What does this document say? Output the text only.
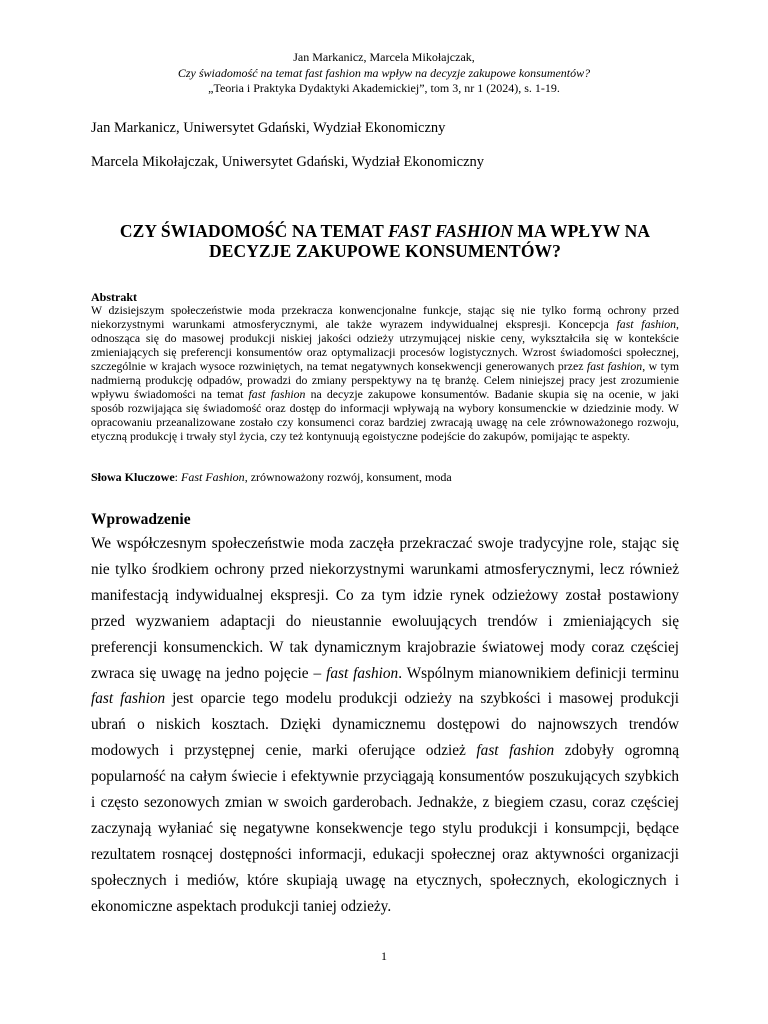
Jan Markanicz, Marcela Mikołajczak,
Czy świadomość na temat fast fashion ma wpływ na decyzje zakupowe konsumentów?
„Teoria i Praktyka Dydaktyki Akademickiej”, tom 3, nr 1 (2024), s. 1-19.
Jan Markanicz, Uniwersytet Gdański, Wydział Ekonomiczny
Marcela Mikołajczak, Uniwersytet Gdański, Wydział Ekonomiczny
CZY ŚWIADOMOŚĆ NA TEMAT FAST FASHION MA WPŁYW NA DECYZJE ZAKUPOWE KONSUMENTÓW?
Abstrakt
W dzisiejszym społeczeństwie moda przekracza konwencjonalne funkcje, stając się nie tylko formą ochrony przed niekorzystnymi warunkami atmosferycznymi, ale także wyrazem indywidualnej ekspresji. Koncepcja fast fashion, odnosząca się do masowej produkcji niskiej jakości odzieży utrzymującej niskie ceny, wykształciła się w kontekście zmieniających się preferencji konsumentów oraz optymalizacji procesów logistycznych. Wzrost świadomości społecznej, szczególnie w krajach wysoce rozwiniętych, na temat negatywnych konsekwencji generowanych przez fast fashion, w tym nadmierną produkcję odpadów, prowadzi do zmiany perspektywy na tę branżę. Celem niniejszej pracy jest zrozumienie wpływu świadomości na temat fast fashion na decyzje zakupowe konsumentów. Badanie skupia się na ocenie, w jaki sposób rozwijająca się świadomość oraz dostęp do informacji wpływają na wybory konsumenckie w dziedzinie mody. W opracowaniu przeanalizowane zostało czy konsumenci coraz bardziej zwracają uwagę na cele zrównoważonego rozwoju, etyczną produkcję i trwały styl życia, czy też kontynuują egoistyczne podejście do zakupów, pomijając te aspekty.
Słowa Kluczowe: Fast Fashion, zrównoważony rozwój, konsument, moda
Wprowadzenie
We współczesnym społeczeństwie moda zaczęła przekraczać swoje tradycyjne role, stając się nie tylko środkiem ochrony przed niekorzystnymi warunkami atmosferycznymi, lecz również manifestacją indywidualnej ekspresji. Co za tym idzie rynek odzieżowy został postawiony przed wyzwaniem adaptacji do nieustannie ewoluujących trendów i zmieniających się preferencji konsumenckich. W tak dynamicznym krajobrazie światowej mody coraz częściej zwraca się uwagę na jedno pojęcie – fast fashion. Wspólnym mianownikiem definicji terminu fast fashion jest oparcie tego modelu produkcji odzieży na szybkości i masowej produkcji ubrań o niskich kosztach. Dzięki dynamicznemu dostępowi do najnowszych trendów modowych i przystępnej cenie, marki oferujące odzież fast fashion zdobyły ogromną popularność na całym świecie i efektywnie przyciągają konsumentów poszukujących szybkich i często sezonowych zmian w swoich garderobach. Jednakże, z biegiem czasu, coraz częściej zaczynają wyłaniać się negatywne konsekwencje tego stylu produkcji i konsumpcji, będące rezultatem rosnącej dostępności informacji, edukacji społecznej oraz aktywności organizacji społecznych i mediów, które skupiają uwagę na etycznych, społecznych, ekologicznych i ekonomiczne aspektach produkcji taniej odzieży.
1
